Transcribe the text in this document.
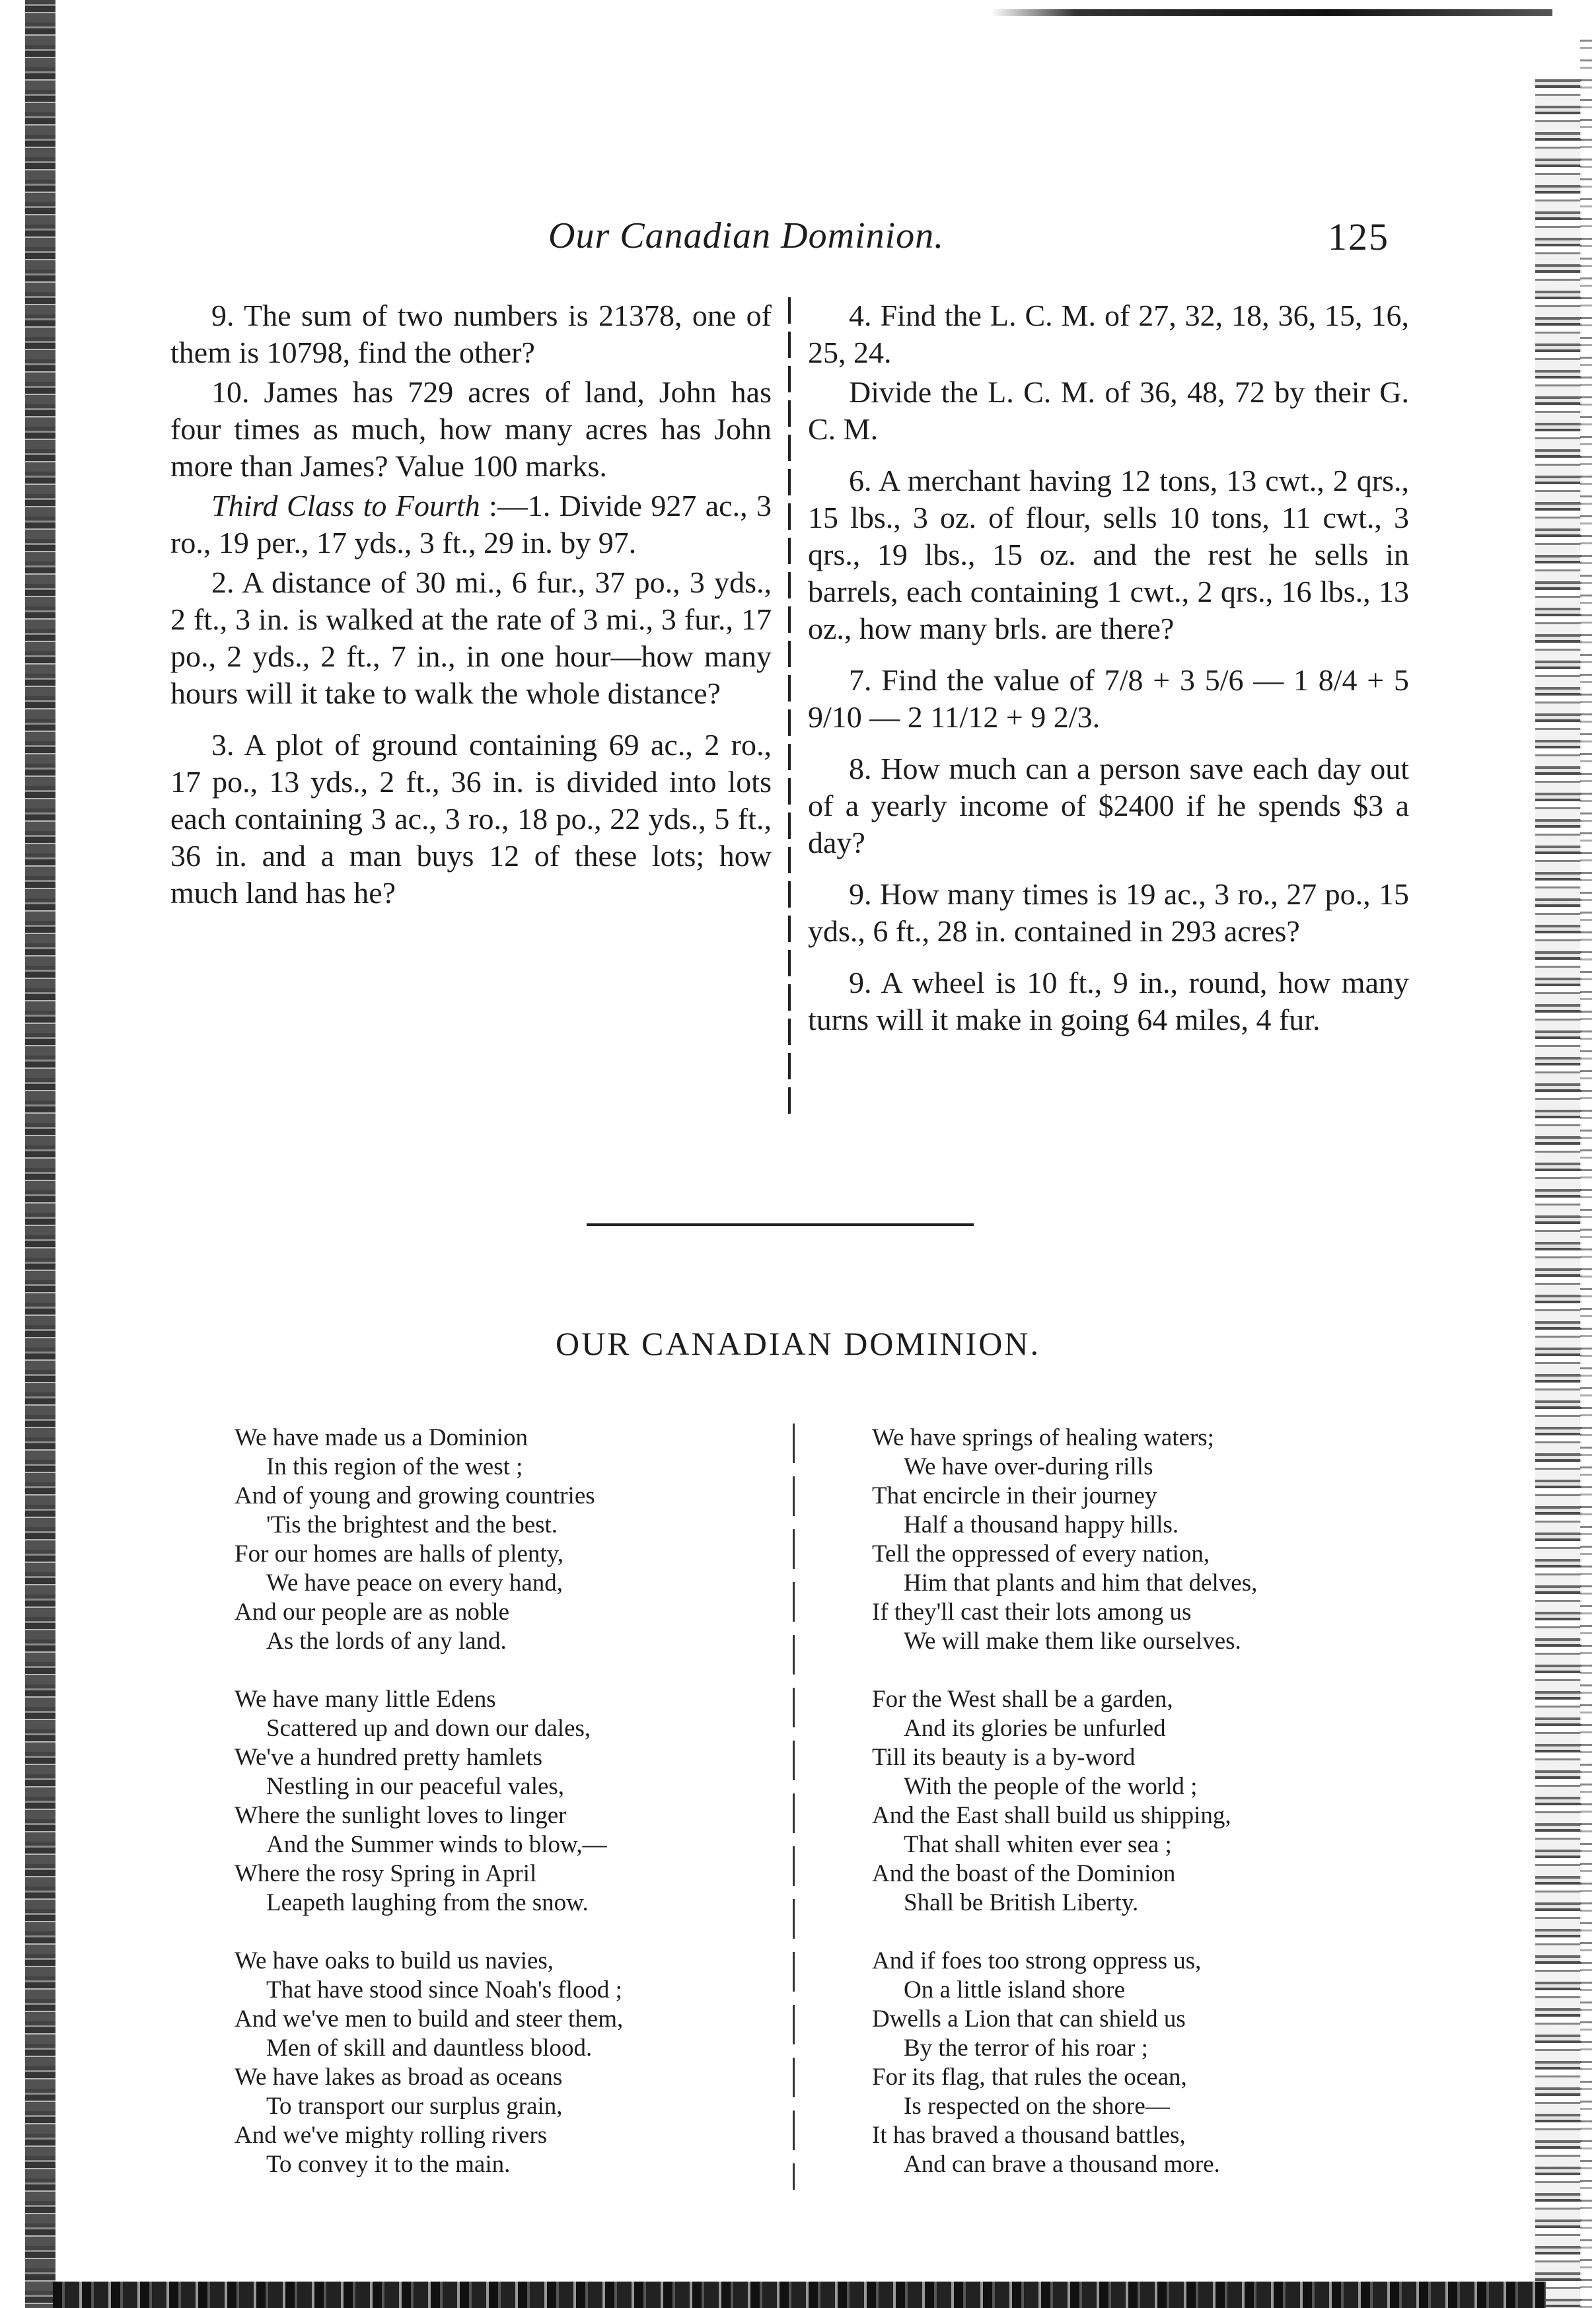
Our Canadian Dominion.	125

9. The sum of two numbers is 21378, one of them is 10798, find the other?

10. James has 729 acres of land, John has four times as much, how many acres has John more than James? Value 100 marks.

Third Class to Fourth :—1. Divide 927 ac., 3 ro., 19 per., 17 yds., 3 ft., 29 in. by 97.

2. A distance of 30 mi., 6 fur., 37 po., 3 yds., 2 ft., 3 in. is walked at the rate of 3 mi., 3 fur., 17 po., 2 yds., 2 ft., 7 in., in one hour—how many hours will it take to walk the whole distance?

3. A plot of ground containing 69 ac., 2 ro., 17 po., 13 yds., 2 ft., 36 in. is divided into lots each containing 3 ac., 3 ro., 18 po., 22 yds., 5 ft., 36 in. and a man buys 12 of these lots; how much land has he?

4. Find the L. C. M. of 27, 32, 18, 36, 15, 16, 25, 24.

Divide the L. C. M. of 36, 48, 72 by their G. C. M.

6. A merchant having 12 tons, 13 cwt., 2 qrs., 15 lbs., 3 oz. of flour, sells 10 tons, 11 cwt., 3 qrs., 19 lbs., 15 oz. and the rest he sells in barrels, each containing 1 cwt., 2 qrs., 16 lbs., 13 oz., how many brls. are there?

7. Find the value of 7/8 + 3 5/6 — 1 8/4 + 5 9/10 — 2 11/12 + 9 2/3.

8. How much can a person save each day out of a yearly income of $2400 if he spends $3 a day?

9. How many times is 19 ac., 3 ro., 27 po., 15 yds., 6 ft., 28 in. contained in 293 acres?

9. A wheel is 10 ft., 9 in., round, how many turns will it make in going 64 miles, 4 fur.

OUR CANADIAN DOMINION.
We have made us a Dominion
In this region of the west ;
And of young and growing countries
'Tis the brightest and the best.
For our homes are halls of plenty,
We have peace on every hand,
And our people are as noble
As the lords of any land.
We have many little Edens
Scattered up and down our dales,
We've a hundred pretty hamlets
Nestling in our peaceful vales,
Where the sunlight loves to linger
And the Summer winds to blow,—
Where the rosy Spring in April
Leapeth laughing from the snow.
We have oaks to build us navies,
That have stood since Noah's flood ;
And we've men to build and steer them,
Men of skill and dauntless blood.
We have lakes as broad as oceans
To transport our surplus grain,
And we've mighty rolling rivers
To convey it to the main.
We have springs of healing waters;
We have over-during rills
That encircle in their journey
Half a thousand happy hills.
Tell the oppressed of every nation,
Him that plants and him that delves,
If they'll cast their lots among us
We will make them like ourselves.
For the West shall be a garden,
And its glories be unfurled
Till its beauty is a by-word
With the people of the world ;
And the East shall build us shipping,
That shall whiten ever sea ;
And the boast of the Dominion
Shall be British Liberty.
And if foes too strong oppress us,
On a little island shore
Dwells a Lion that can shield us
By the terror of his roar ;
For its flag, that rules the ocean,
Is respected on the shore—
It has braved a thousand battles,
And can brave a thousand more.
